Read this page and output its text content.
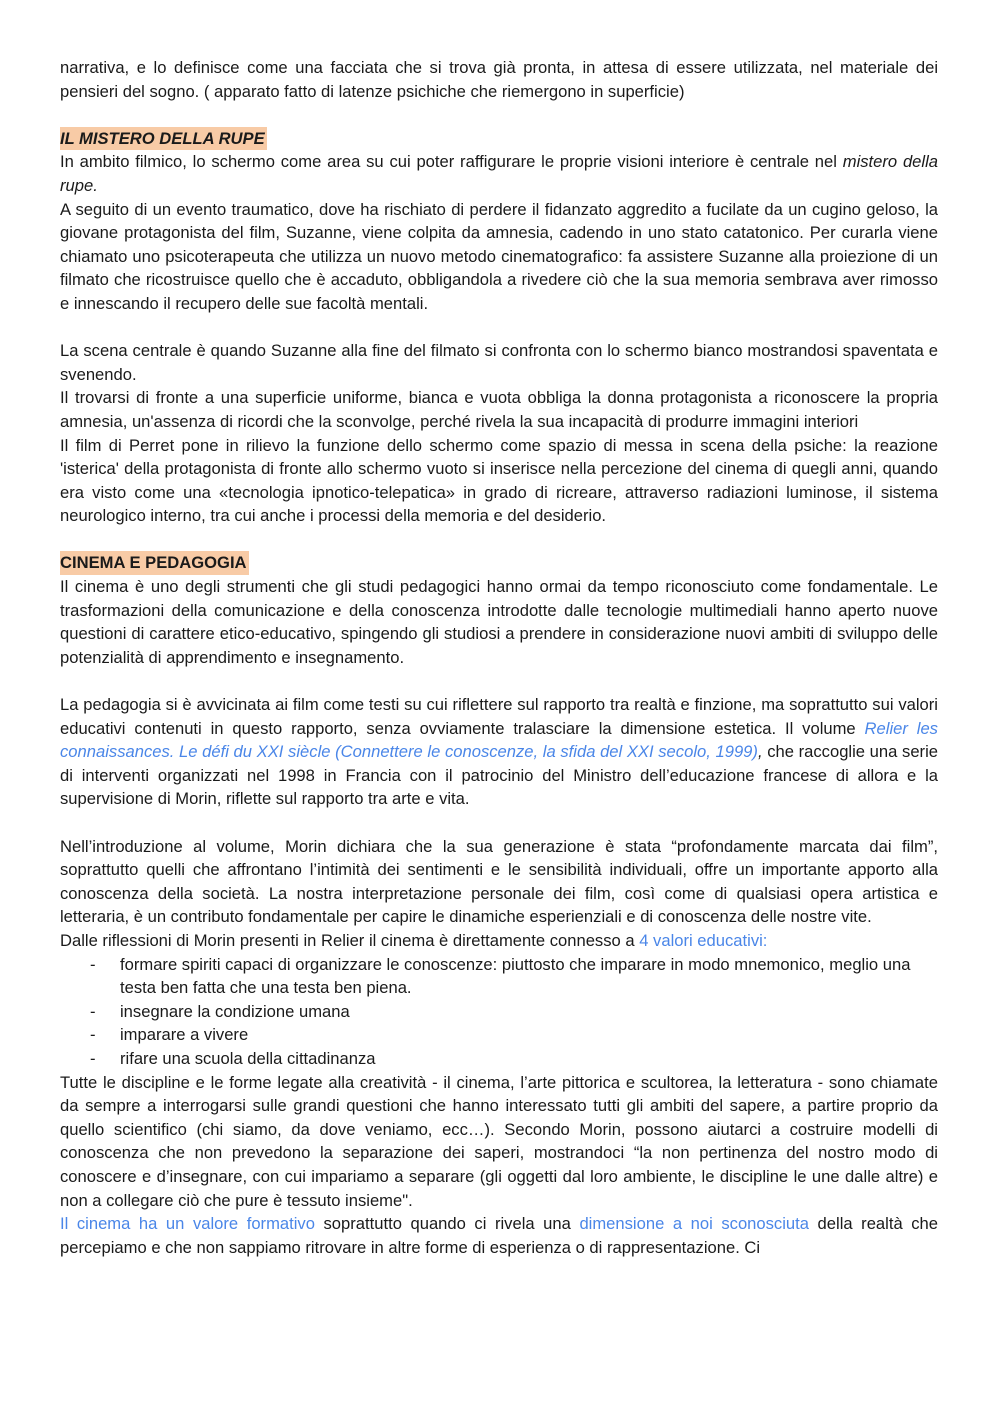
narrativa, e lo definisce come una facciata che si trova già pronta, in attesa di essere utilizzata, nel materiale dei pensieri del sogno. ( apparato fatto di latenze psichiche che riemergono in superficie)

IL MISTERO DELLA RUPE

In ambito filmico, lo schermo come area su cui poter raffigurare le proprie visioni interiore è centrale nel mistero della rupe.

A seguito di un evento traumatico, dove ha rischiato di perdere il fidanzato aggredito a fucilate da un cugino geloso, la giovane protagonista del film, Suzanne, viene colpita da amnesia, cadendo in uno stato catatonico. Per curarla viene chiamato uno psicoterapeuta che utilizza un nuovo metodo cinematografico: fa assistere Suzanne alla proiezione di un filmato che ricostruisce quello che è accaduto, obbligandola a rivedere ciò che la sua memoria sembrava aver rimosso e innescando il recupero delle sue facoltà mentali.

La scena centrale è quando Suzanne alla fine del filmato si confronta con lo schermo bianco mostrandosi spaventata e svenendo.

Il trovarsi di fronte a una superficie uniforme, bianca e vuota obbliga la donna protagonista a riconoscere la propria amnesia, un'assenza di ricordi che la sconvolge, perché rivela la sua incapacità di produrre immagini interiori

Il film di Perret pone in rilievo la funzione dello schermo come spazio di messa in scena della psiche: la reazione 'isterica' della protagonista di fronte allo schermo vuoto si inserisce nella percezione del cinema di quegli anni, quando era visto come una «tecnologia ipnotico-telepatica» in grado di ricreare, attraverso radiazioni luminose, il sistema neurologico interno, tra cui anche i processi della memoria e del desiderio.

CINEMA E PEDAGOGIA

Il cinema è uno degli strumenti che gli studi pedagogici hanno ormai da tempo riconosciuto come fondamentale. Le trasformazioni della comunicazione e della conoscenza introdotte dalle tecnologie multimediali hanno aperto nuove questioni di carattere etico-educativo, spingendo gli studiosi a prendere in considerazione nuovi ambiti di sviluppo delle potenzialità di apprendimento e insegnamento.

La pedagogia si è avvicinata ai film come testi su cui riflettere sul rapporto tra realtà e finzione, ma soprattutto sui valori educativi contenuti in questo rapporto, senza ovviamente tralasciare la dimensione estetica. Il volume Relier les connaissances. Le défi du XXI siècle (Connettere le conoscenze, la sfida del XXI secolo, 1999), che raccoglie una serie di interventi organizzati nel 1998 in Francia con il patrocinio del Ministro dell’educazione francese di allora e la supervisione di Morin, riflette sul rapporto tra arte e vita.

Nell’introduzione al volume, Morin dichiara che la sua generazione è stata “profondamente marcata dai film”, soprattutto quelli che affrontano l’intimità dei sentimenti e le sensibilità individuali, offre un importante apporto alla conoscenza della società. La nostra interpretazione personale dei film, così come di qualsiasi opera artistica e letteraria, è un contributo fondamentale per capire le dinamiche esperienziali e di conoscenza delle nostre vite.

Dalle riflessioni di Morin presenti in Relier il cinema è direttamente connesso a 4 valori educativi:

- formare spiriti capaci di organizzare le conoscenze: piuttosto che imparare in modo mnemonico, meglio una testa ben fatta che una testa ben piena.
- insegnare la condizione umana
- imparare a vivere
- rifare una scuola della cittadinanza

Tutte le discipline e le forme legate alla creatività - il cinema, l’arte pittorica e scultorea, la letteratura - sono chiamate da sempre a interrogarsi sulle grandi questioni che hanno interessato tutti gli ambiti del sapere, a partire proprio da quello scientifico (chi siamo, da dove veniamo, ecc…). Secondo Morin, possono aiutarci a costruire modelli di conoscenza che non prevedono la separazione dei saperi, mostrandoci “la non pertinenza del nostro modo di conoscere e d’insegnare, con cui impariamo a separare (gli oggetti dal loro ambiente, le discipline le une dalle altre) e non a collegare ciò che pure è tessuto insieme".

Il cinema ha un valore formativo soprattutto quando ci rivela una dimensione a noi sconosciuta della realtà che percepiamo e che non sappiamo ritrovare in altre forme di esperienza o di rappresentazione. Ci
